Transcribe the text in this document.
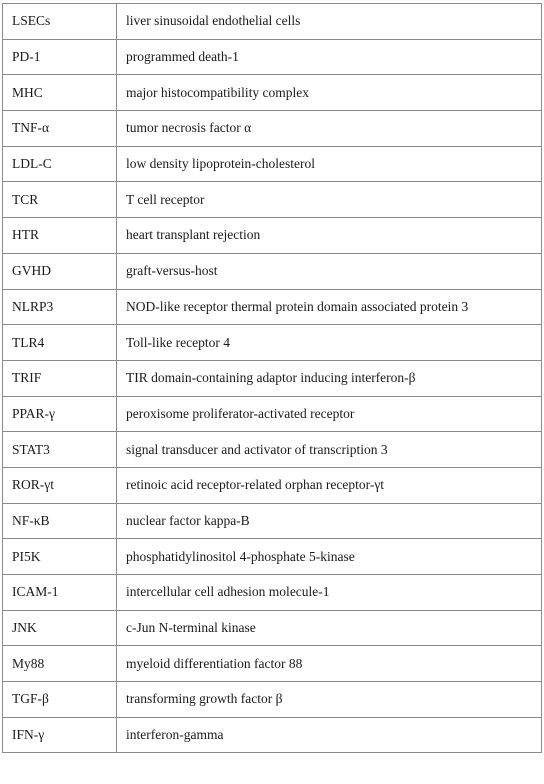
LSECs	liver sinusoidal endothelial cells
PD-1	programmed death-1
MHC	major histocompatibility complex
TNF-α	tumor necrosis factor α
LDL-C	low density lipoprotein-cholesterol
TCR	T cell receptor
HTR	heart transplant rejection
GVHD	graft-versus-host
NLRP3	NOD-like receptor thermal protein domain associated protein 3
TLR4	Toll-like receptor 4
TRIF	TIR domain-containing adaptor inducing interferon-β
PPAR-γ	peroxisome proliferator-activated receptor
STAT3	signal transducer and activator of transcription 3
ROR-γt	retinoic acid receptor-related orphan receptor-γt
NF-κB	nuclear factor kappa-B
PI5K	phosphatidylinositol 4-phosphate 5-kinase
ICAM-1	intercellular cell adhesion molecule-1
JNK	c-Jun N-terminal kinase
My88	myeloid differentiation factor 88
TGF-β	transforming growth factor β
IFN-γ	interferon-gamma
